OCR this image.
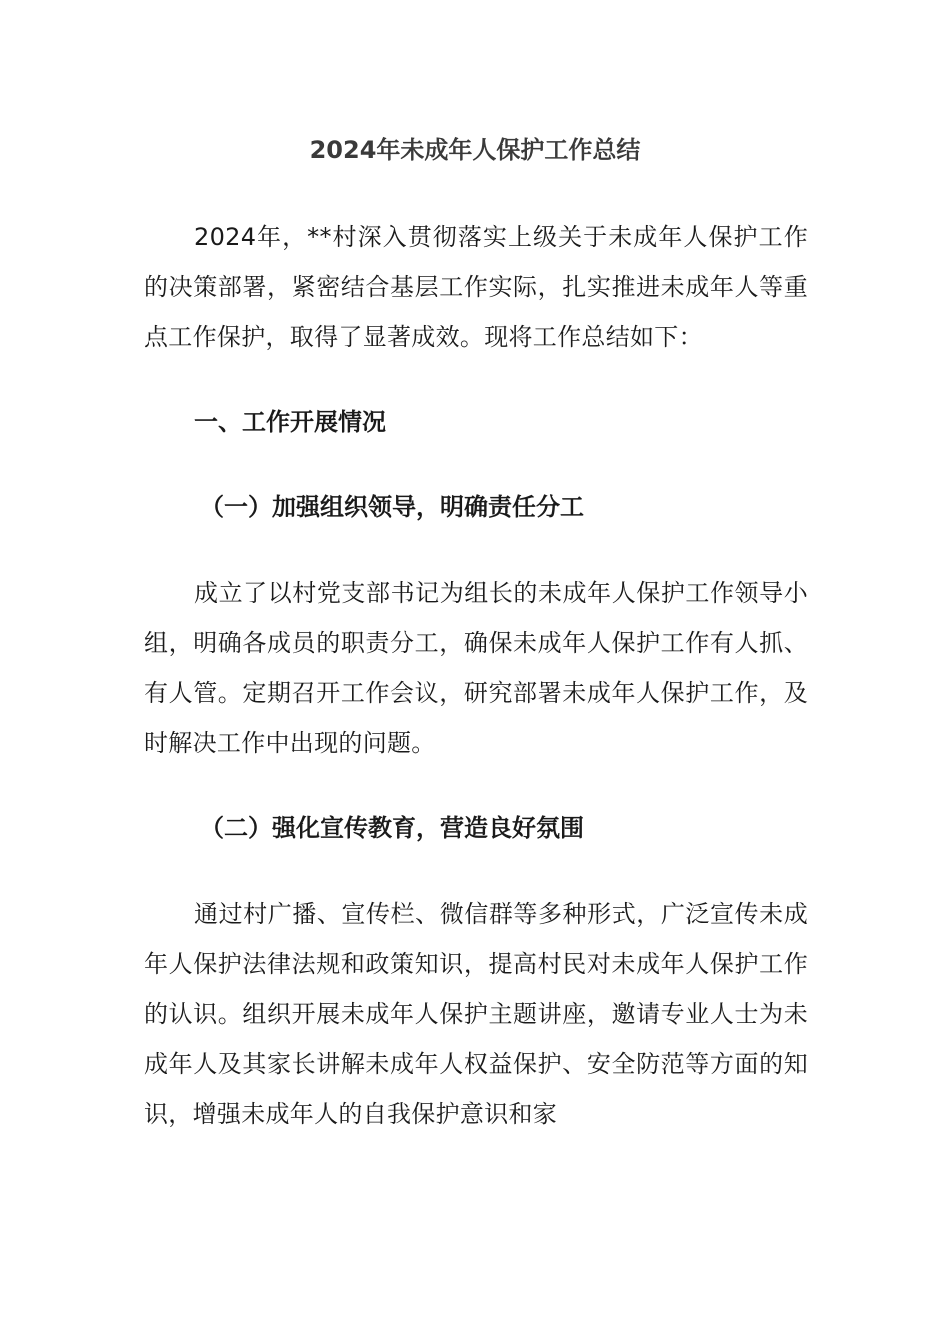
2024年未成年人保护工作总结

2024年，**村深入贯彻落实上级关于未成年人保护工作的决策部署，紧密结合基层工作实际，扎实推进未成年人等重点工作保护，取得了显著成效。现将工作总结如下：

一、工作开展情况
（一）加强组织领导，明确责任分工

成立了以村党支部书记为组长的未成年人保护工作领导小组，明确各成员的职责分工，确保未成年人保护工作有人抓、有人管。定期召开工作会议，研究部署未成年人保护工作，及时解决工作中出现的问题。

（二）强化宣传教育，营造良好氛围

通过村广播、宣传栏、微信群等多种形式，广泛宣传未成年人保护法律法规和政策知识，提高村民对未成年人保护工作的认识。组织开展未成年人保护主题讲座，邀请专业人士为未成年人及其家长讲解未成年人权益保护、安全防范等方面的知识，增强未成年人的自我保护意识和家
